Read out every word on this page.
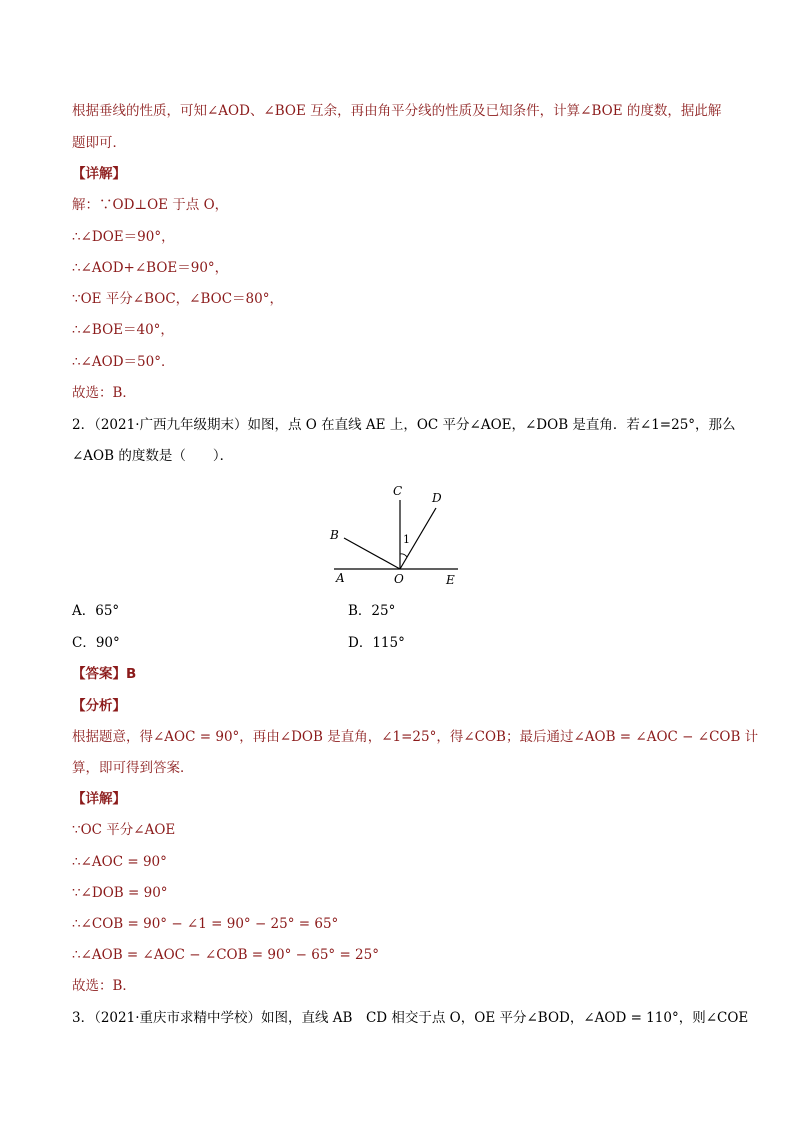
根据垂线的性质，可知∠AOD、∠BOE 互余，再由角平分线的性质及已知条件，计算∠BOE 的度数，据此解
题即可．
【详解】
解：∵OD⊥OE 于点 O，
∴∠DOE＝90°，
∴∠AOD+∠BOE＝90°，
∵OE 平分∠BOC，∠BOC＝80°，
∴∠BOE＝40°，
∴∠AOD＝50°．
故选：B．
2．（2021·广西九年级期末）如图，点 O 在直线 AE 上，OC 平分∠AOE，∠DOB 是直角．若∠1=25°，那么
∠AOB 的度数是（　　）．
C D
B
A	O	E
1
A．65°	B．25°
C．90°	D．115°
【答案】B
【分析】
根据题意，得∠AOC = 90°，再由∠DOB 是直角，∠1=25°，得∠COB；最后通过∠AOB = ∠AOC − ∠COB 计
算，即可得到答案．
【详解】
∵OC 平分∠AOE
∴∠AOC = 90°
∵∠DOB = 90°
∴∠COB = 90° − ∠1 = 90° − 25° = 65°
∴∠AOB = ∠AOC − ∠COB = 90° − 65° = 25°
故选：B．
3．（2021·重庆市求精中学校）如图，直线 AB　CD 相交于点 O，OE 平分∠BOD，∠AOD = 110°，则∠COE
